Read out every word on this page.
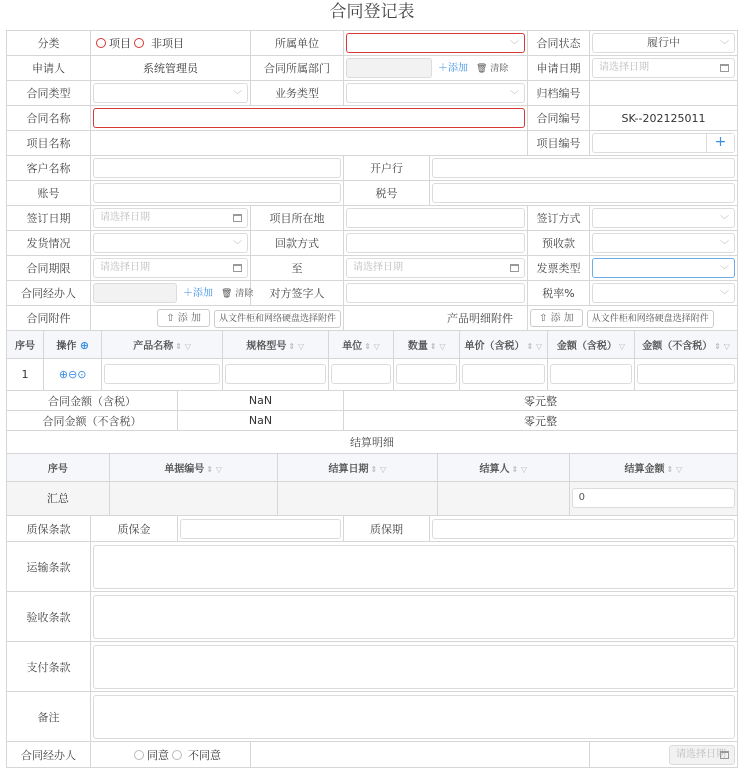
合同登记表
分类	项目 非项目	所属单位	﹀	合同状态	履行中	﹀

申请人	系统管理员	合同所属部门	＋添加 🗑 清除	申请日期	请选择日期

合同类型	﹀	业务类型	﹀	归档编号	
合同名称		合同编号	SK--202125011
项目名称		项目编号	+

客户名称		开户行	

账号		税号	

签订日期	请选择日期	项目所在地		签订方式	﹀

发货情况	﹀	回款方式		预收款	﹀

合同期限	请选择日期	至	请选择日期	发票类型	﹀

合同经办人	＋添加 🗑 清除	对方签字人		税率%	﹀

合同附件	⇧ 添 加 从文件柜和网络硬盘选择附件	产品明细附件	⇧ 添 加 从文件柜和网络硬盘选择附件

序号	操作 ⊕	产品名称 ⇕ ▽	规格型号 ⇕ ▽	单位 ⇕ ▽	数量 ⇕ ▽	单价（含税） ⇕ ▽	金额（含税） ▽	金额（不含税） ⇕ ▽
1	⊕⊖⊙	

合同金额（含税）	NaN	零元整
合同金额（不含税）	NaN	零元整
结算明细

序号	单据编号 ⇕ ▽	结算日期 ⇕ ▽	结算人 ⇕ ▽	结算金额 ⇕ ▽
汇总				0

质保条款	质保金		质保期	

运输条款	

验收条款	

支付条款	

备注	

合同经办人	同意 不同意		请选择日期
